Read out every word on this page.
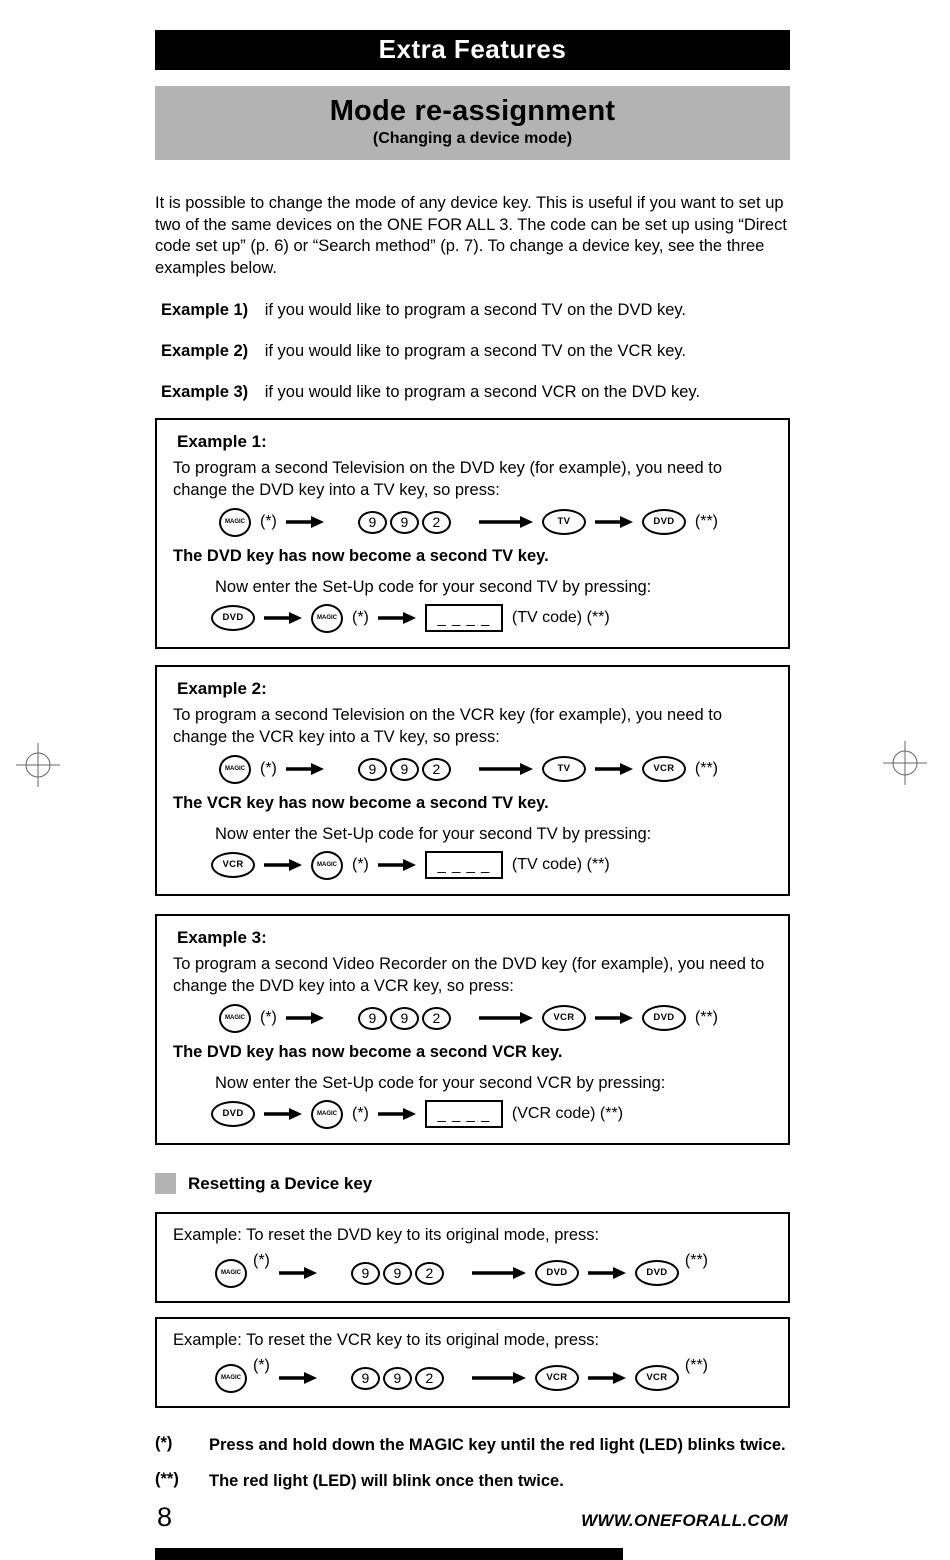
Extra Features
Mode re-assignment
(Changing a device mode)

It is possible to change the mode of any device key. This is useful if you want to set up two of the same devices on the ONE FOR ALL 3. The code can be set up using “Direct code set up” (p. 6) or “Search method” (p. 7). To change a device key, see the three examples below.

Example 1) if you would like to program a second TV on the DVD key.
Example 2) if you would like to program a second TV on the VCR key.
Example 3) if you would like to program a second VCR on the DVD key.
Example 1:
To program a second Television on the DVD key (for example), you need to change the DVD key into a TV key, so press:
MAGIC (*)	9	9	2	TV	DVD	(**)
The DVD key has now become a second TV key.
Now enter the Set-Up code for your second TV by pressing:
DVD	MAGIC (*)	_ _ _ _	(TV code) (**)
Example 2:
To program a second Television on the VCR key (for example), you need to change the VCR key into a TV key, so press:
MAGIC (*)	9	9	2	TV	VCR	(**)
The VCR key has now become a second TV key.
Now enter the Set-Up code for your second TV by pressing:
VCR	MAGIC (*)	_ _ _ _	(TV code) (**)
Example 3:
To program a second Video Recorder on the DVD key (for example), you need to change the DVD key into a VCR key, so press:
MAGIC (*)	9	9	2	VCR	DVD	(**)
The DVD key has now become a second VCR key.
Now enter the Set-Up code for your second VCR by pressing:
DVD	MAGIC (*)	_ _ _ _	(VCR code) (**)
Resetting a Device key
Example: To reset the DVD key to its original mode, press:
MAGIC
(*)
9	9	2	DVD	DVD
(**)
Example: To reset the VCR key to its original mode, press:
MAGIC
(*)
9	9	2	VCR	VCR
(**)
(*)	Press and hold down the MAGIC key until the red light (LED) blinks twice.
(**)	The red light (LED) will blink once then twice.
8	WWW.ONEFORALL.COM
